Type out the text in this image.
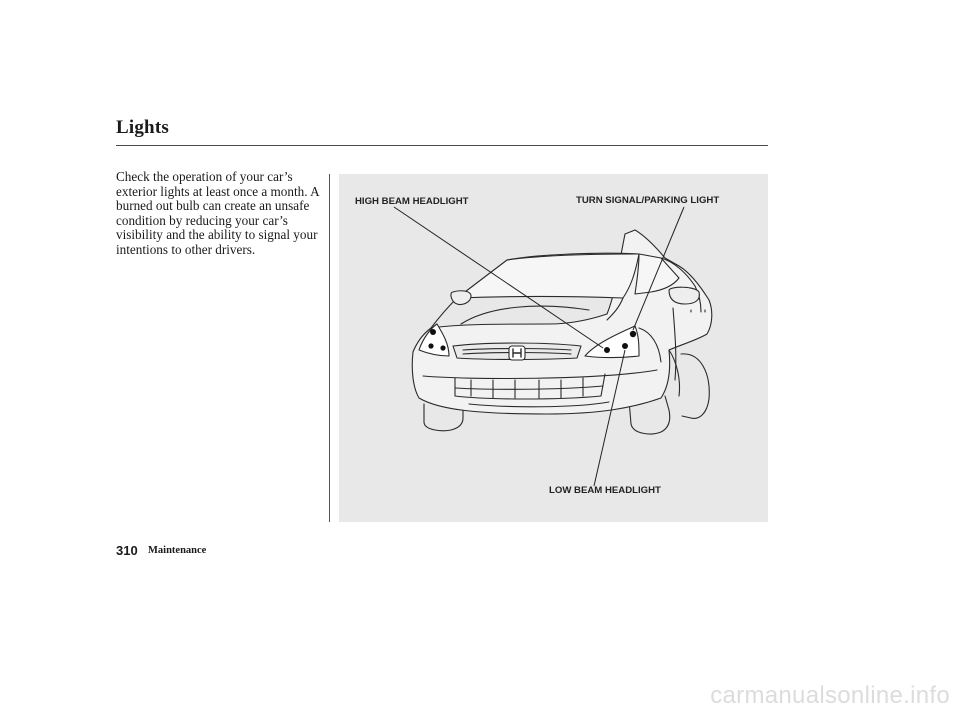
Lights

Check the operation of your car’s exterior lights at least once a month. A burned out bulb can create an unsafe condition by reducing your car’s visibility and the ability to signal your intentions to other drivers.

HIGH BEAM HEADLIGHT	TURN SIGNAL/PARKING LIGHT
LOW BEAM HEADLIGHT
310 Maintenance
carmanualsonline.info
